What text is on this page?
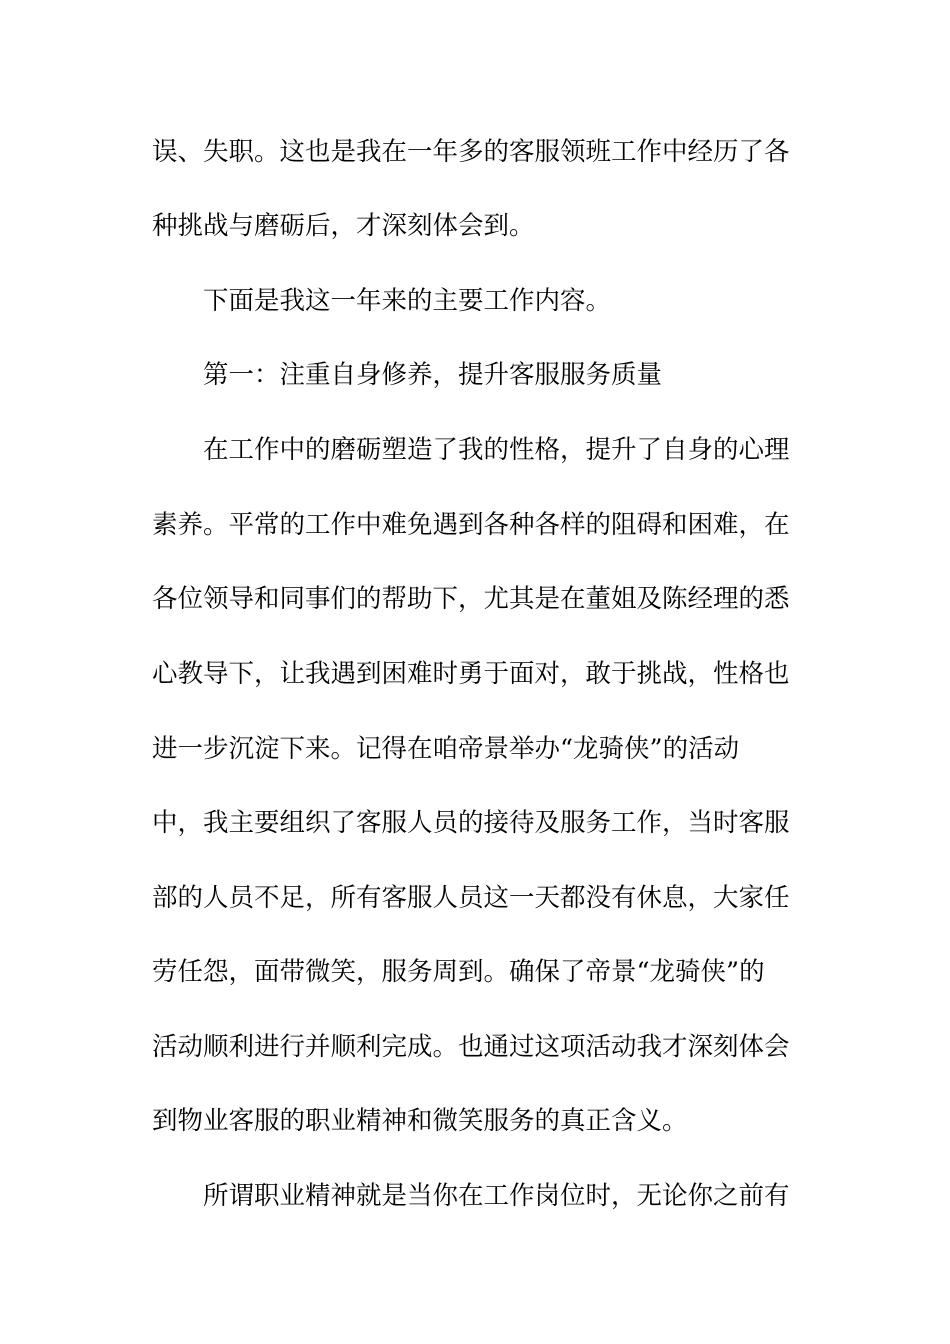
误、失职。这也是我在一年多的客服领班工作中经历了各
种挑战与磨砺后，才深刻体会到。
下面是我这一年来的主要工作内容。
第一：注重自身修养，提升客服服务质量
在工作中的磨砺塑造了我的性格，提升了自身的心理
素养。平常的工作中难免遇到各种各样的阻碍和困难，在
各位领导和同事们的帮助下，尤其是在董姐及陈经理的悉
心教导下，让我遇到困难时勇于面对，敢于挑战，性格也
进一步沉淀下来。记得在咱帝景举办“龙骑侠”的活动
中，我主要组织了客服人员的接待及服务工作，当时客服
部的人员不足，所有客服人员这一天都没有休息，大家任
劳任怨，面带微笑，服务周到。确保了帝景“龙骑侠”的
活动顺利进行并顺利完成。也通过这项活动我才深刻体会
到物业客服的职业精神和微笑服务的真正含义。
所谓职业精神就是当你在工作岗位时，无论你之前有
